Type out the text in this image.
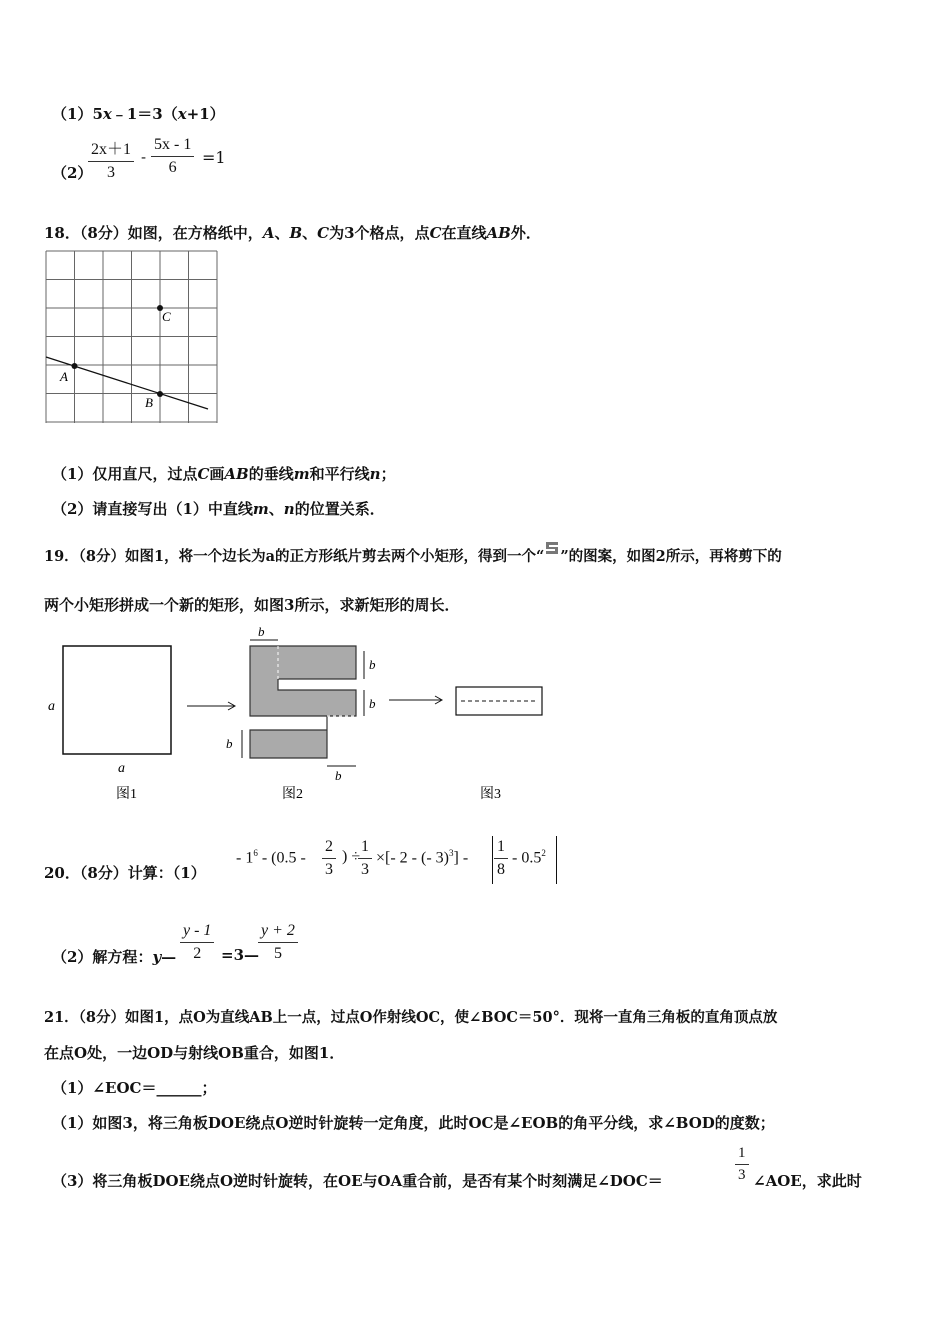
（1）5x﹣1＝3（x+1）
（2）
$\frac{2x+1}{3} - \frac{5x - 1}{6} =1$
18．（8分）如图，在方格纸中，A、B、C为3个格点，点C在直线AB外．
A
B
C
（1）仅用直尺，过点C画AB的垂线m和平行线n；
（2）请直接写出（1）中直线m、n的位置关系．
19．（8分）如图1，将一个边长为a的正方形纸片剪去两个小矩形，得到一个“ ”的图案，如图2所示，再将剪下的
两个小矩形拼成一个新的矩形，如图3所示，求新矩形的周长．
a
a
b
b
b
b
b
图1	图2	图3
20．（8分）计算：（1）
- $1^6 - (0.5 - \frac{2}{3}$ ) ÷
$\frac{1}{3}$ ×[- 2 - (- $3)^3] - \frac{1}{8} - 0.5^2$
（2）解方程：y— $\frac{y - 1}{2}$ =3—
$\frac{y + 2}{5}$
21．（8分）如图1，点O为直线AB上一点，过点O作射线OC，使∠BOC＝50°．现将一直角三角板的直角顶点放
在点O处，一边OD与射线OB重合，如图1．
（1）∠EOC＝______；
（1）如图3，将三角板DOE绕点O逆时针旋转一定角度，此时OC是∠EOB的角平分线，求∠BOD的度数；
（3）将三角板DOE绕点O逆时针旋转，在OE与OA重合前，是否有某个时刻满足∠DOC＝	$\frac{1}{3}$ ∠AOE，求此时
